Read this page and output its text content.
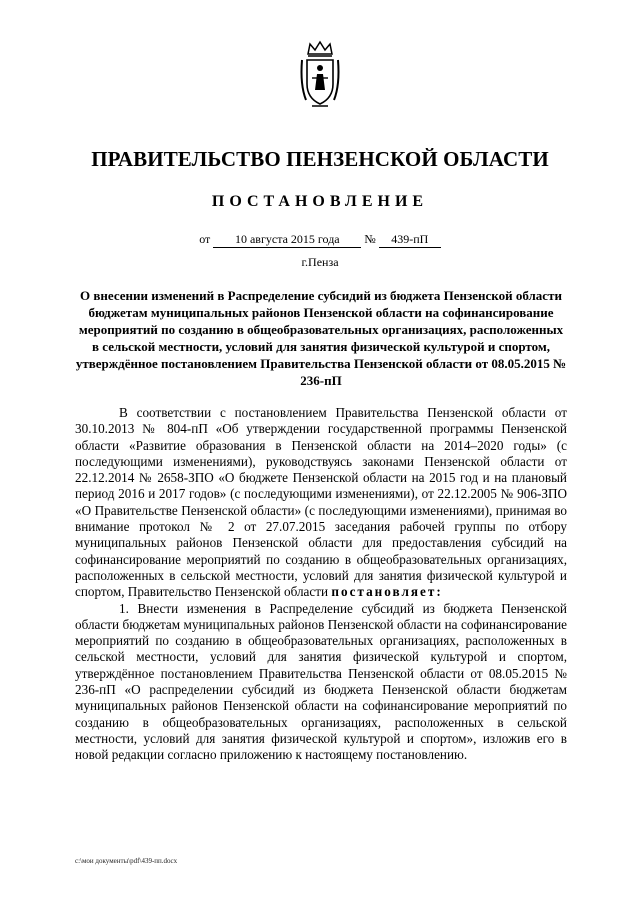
ПРАВИТЕЛЬСТВО ПЕНЗЕНСКОЙ ОБЛАСТИ
ПОСТАНОВЛЕНИЕ
от 10 августа 2015 года № 439-пП
г.Пенза
О внесении изменений в Распределение субсидий из бюджета Пензенской области бюджетам муниципальных районов Пензенской области на софинансирование мероприятий по созданию в общеобразовательных организациях, расположенных в сельской местности, условий для занятия физической культурой и спортом, утверждённое постановлением Правительства Пензенской области от 08.05.2015 № 236-пП

В соответствии с постановлением Правительства Пензенской области от 30.10.2013 № 804-пП «Об утверждении государственной программы Пензенской области «Развитие образования в Пензенской области на 2014–2020 годы» (с последующими изменениями), руководствуясь законами Пензенской области от 22.12.2014 № 2658-ЗПО «О бюджете Пензенской области на 2015 год и на плановый период 2016 и 2017 годов» (с последующими изменениями), от 22.12.2005 № 906-ЗПО «О Правительстве Пензенской области» (с последующими изменениями), принимая во внимание протокол № 2 от 27.07.2015 заседания рабочей группы по отбору муниципальных районов Пензенской области для предоставления субсидий на софинансирование мероприятий по созданию в общеобразовательных организациях, расположенных в сельской местности, условий для занятия физической культурой и спортом, Правительство Пензенской области постановляет:

1. Внести изменения в Распределение субсидий из бюджета Пензенской области бюджетам муниципальных районов Пензенской области на софинансирование мероприятий по созданию в общеобразовательных организациях, расположенных в сельской местности, условий для занятия физической культурой и спортом, утверждённое постановлением Правительства Пензенской области от 08.05.2015 № 236-пП «О распределении субсидий из бюджета Пензенской области бюджетам муниципальных районов Пензенской области на софинансирование мероприятий по созданию в общеобразовательных организациях, расположенных в сельской местности, условий для занятия физической культурой и спортом», изложив его в новой редакции согласно приложению к настоящему постановлению.

c:\мои документы\pdf\439-пп.docx
